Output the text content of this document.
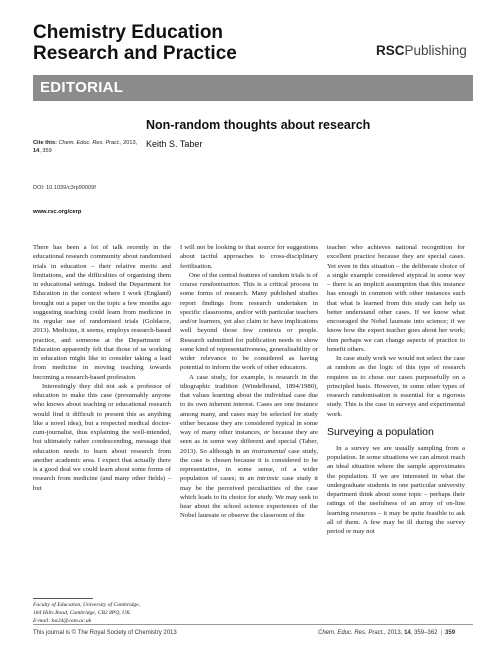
Chemistry Education Research and Practice	RSCPublishing
EDITORIAL
Non-random thoughts about research
Cite this: Chem. Educ. Res. Pract., 2013,
14, 359
Keith S. Taber
DOI: 10.1039/c3rp90009f
www.rsc.org/cerp

There has been a lot of talk recently in the educational research community about randomised trials in education – their relative merits and limitations, and the difficulties of organising them in educational settings. Indeed the Department for Education in the context where I work (England) brought out a paper on the topic a few months ago suggesting teaching could learn from medicine in its regular use of randomised trials (Goldacre, 2013). Medicine, it seems, employs research-based practice, and someone at the Department of Education apparently felt that those of us working in education might like to consider taking a lead from medicine in moving teaching towards becoming a research-based profession.

Interestingly they did not ask a professor of education to make this case (presumably anyone who knows about teaching or educational research would find it difficult to present this as anything like a novel idea), but a respected medical doctor-cum-journalist, thus explaining the well-intended, but ultimately rather condescending, message that education needs to learn about research from another academic area. I expect that actually there is a good deal we could learn about some forms of research from medicine (and many other fields) – but

I will not be looking to that source for suggestions about tactful approaches to cross-disciplinary fertilisation.

One of the central features of random trials is of course randomisation. This is a critical process in some forms of research. Many published studies report findings from research undertaken in specific classrooms, and/or with particular teachers and/or learners, yet also claim to have implications well beyond those few contexts or people. Research submitted for publication needs to show some kind of representativeness, generalisability or wider relevance to be considered as having potential to inform the work of other educators.

A case study, for example, is research in the idiographic tradition (Windelbrand, 1894/1980), that values learning about the individual case due to its own inherent interest. Cases are one instance among many, and cases may be selected for study either because they are considered typical in some way of many other instances, or because they are seen as in some way different and special (Taber, 2013). So although in an instrumental case study, the case is chosen because it is considered to be representative, in some sense, of a wider population of cases; in an intrinsic case study it may be the perceived peculiarities of the case which leads to its choice for study. We may seek to hear about the school science experiences of the Nobel laureate or observe the classroom of the

teacher who achieves national recognition for excellent practice because they are special cases. Yet even in this situation – the deliberate choice of a single example considered atypical in some way – there is an implicit assumption that this instance has enough in common with other instances such that what is learned from this study can help us better understand other cases. If we know what encouraged the Nobel laureate into science; if we know how the expert teacher goes about her work; then perhaps we can change aspects of practice to benefit others.

In case study work we would not select the case at random as the logic of this type of research requires us to chose our cases purposefully on a principled basis. However, in some other types of research randomisation is essential for a rigorous study. This is the case in surveys and experimental work.

Surveying a population

In a survey we are usually sampling from a population. In some situations we can almost reach an ideal situation where the sample approximates the population. If we are interested in what the undergraduate students in one particular university department think about some topic – perhaps their ratings of the usefulness of an array of on-line learning resources – it may be quite feasible to ask all of them. A few may be ill during the survey period or may not

Faculty of Education, University of Cambridge,
184 Hills Road, Cambridge, CB2 8PQ, UK.
E-mail: kst24@cam.ac.uk
This journal is © The Royal Society of Chemistry 2013	Chem. Educ. Res. Pract., 2013, 14, 359–362 | 359
